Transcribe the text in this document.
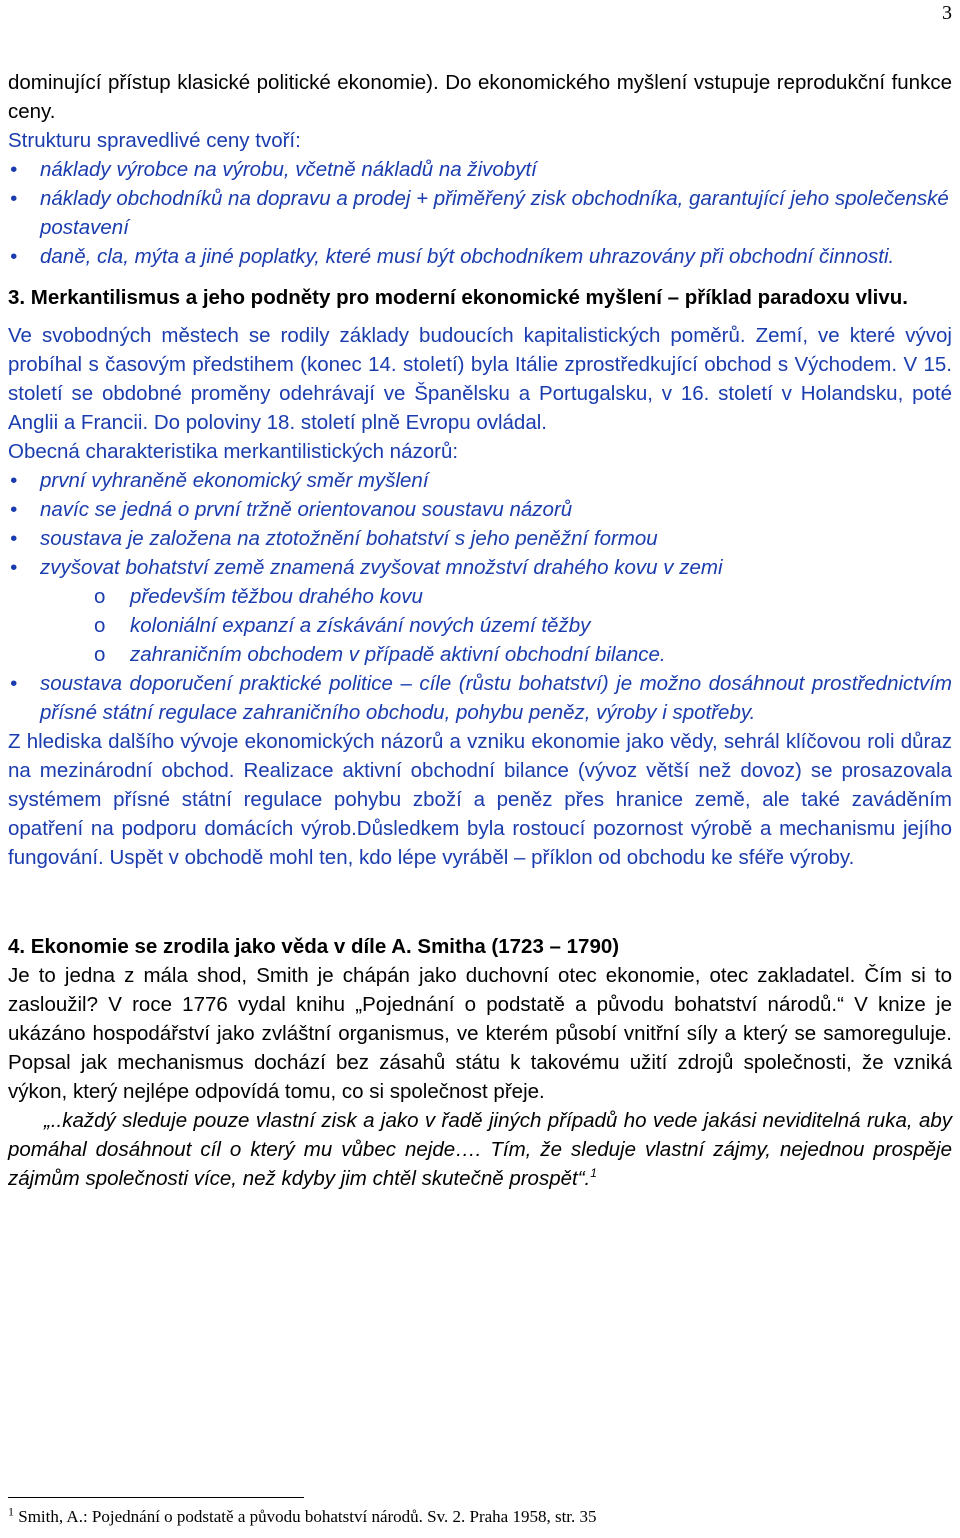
3

dominující přístup klasické politické ekonomie). Do ekonomického myšlení vstupuje reprodukční funkce ceny.

Strukturu spravedlivé ceny tvoří:

• náklady výrobce na výrobu, včetně nákladů na živobytí
• náklady obchodníků na dopravu a prodej + přiměřený zisk obchodníka, garantující jeho společenské postavení
• daně, cla, mýta a jiné poplatky, které musí být obchodníkem uhrazovány při obchodní činnosti.

3. Merkantilismus a jeho podněty pro moderní ekonomické myšlení – příklad paradoxu vlivu.

Ve svobodných městech se rodily základy budoucích kapitalistických poměrů. Zemí, ve které vývoj probíhal s časovým předstihem (konec 14. století) byla Itálie zprostředkující obchod s Východem. V 15. století se obdobné proměny odehrávají ve Španělsku a Portugalsku, v 16. století v Holandsku, poté Anglii a Francii. Do poloviny 18. století plně Evropu ovládal.

Obecná charakteristika merkantilistických názorů:

• první vyhraněně ekonomický směr myšlení
• navíc se jedná o první tržně orientovanou soustavu názorů
• soustava je založena na ztotožnění bohatství s jeho peněžní formou
• zvyšovat bohatství země znamená zvyšovat množství drahého kovu v zemi
o především těžbou drahého kovu
o koloniální expanzí a získávání nových území těžby
o zahraničním obchodem v případě aktivní obchodní bilance.
• soustava doporučení praktické politice – cíle (růstu bohatství) je možno dosáhnout prostřednictvím přísné státní regulace zahraničního obchodu, pohybu peněz, výroby i spotřeby.

Z hlediska dalšího vývoje ekonomických názorů a vzniku ekonomie jako vědy, sehrál klíčovou roli důraz na mezinárodní obchod. Realizace aktivní obchodní bilance (vývoz větší než dovoz) se prosazovala systémem přísné státní regulace pohybu zboží a peněz přes hranice země, ale také zaváděním opatření na podporu domácích výrob.Důsledkem byla rostoucí pozornost výrobě a mechanismu jejího fungování. Uspět v obchodě mohl ten, kdo lépe vyráběl – příklon od obchodu ke sféře výroby.

4. Ekonomie se zrodila jako věda v díle A. Smitha (1723 – 1790)

Je to jedna z mála shod, Smith je chápán jako duchovní otec ekonomie, otec zakladatel. Čím si to zasloužil? V roce 1776 vydal knihu „Pojednání o podstatě a původu bohatství národů.“ V knize je ukázáno hospodářství jako zvláštní organismus, ve kterém působí vnitřní síly a který se samoreguluje. Popsal jak mechanismus dochází bez zásahů státu k takovému užití zdrojů společnosti, že vzniká výkon, který nejlépe odpovídá tomu, co si společnost přeje.

„..každý sleduje pouze vlastní zisk a jako v řadě jiných případů ho vede jakási neviditelná ruka, aby pomáhal dosáhnout cíl o který mu vůbec nejde…. Tím, že sleduje vlastní zájmy, nejednou prospěje zájmům společnosti více, než kdyby jim chtěl skutečně prospět“.$^1$

$^1$ Smith, A.: Pojednání o podstatě a původu bohatství národů. Sv. 2. Praha 1958, str. 35
